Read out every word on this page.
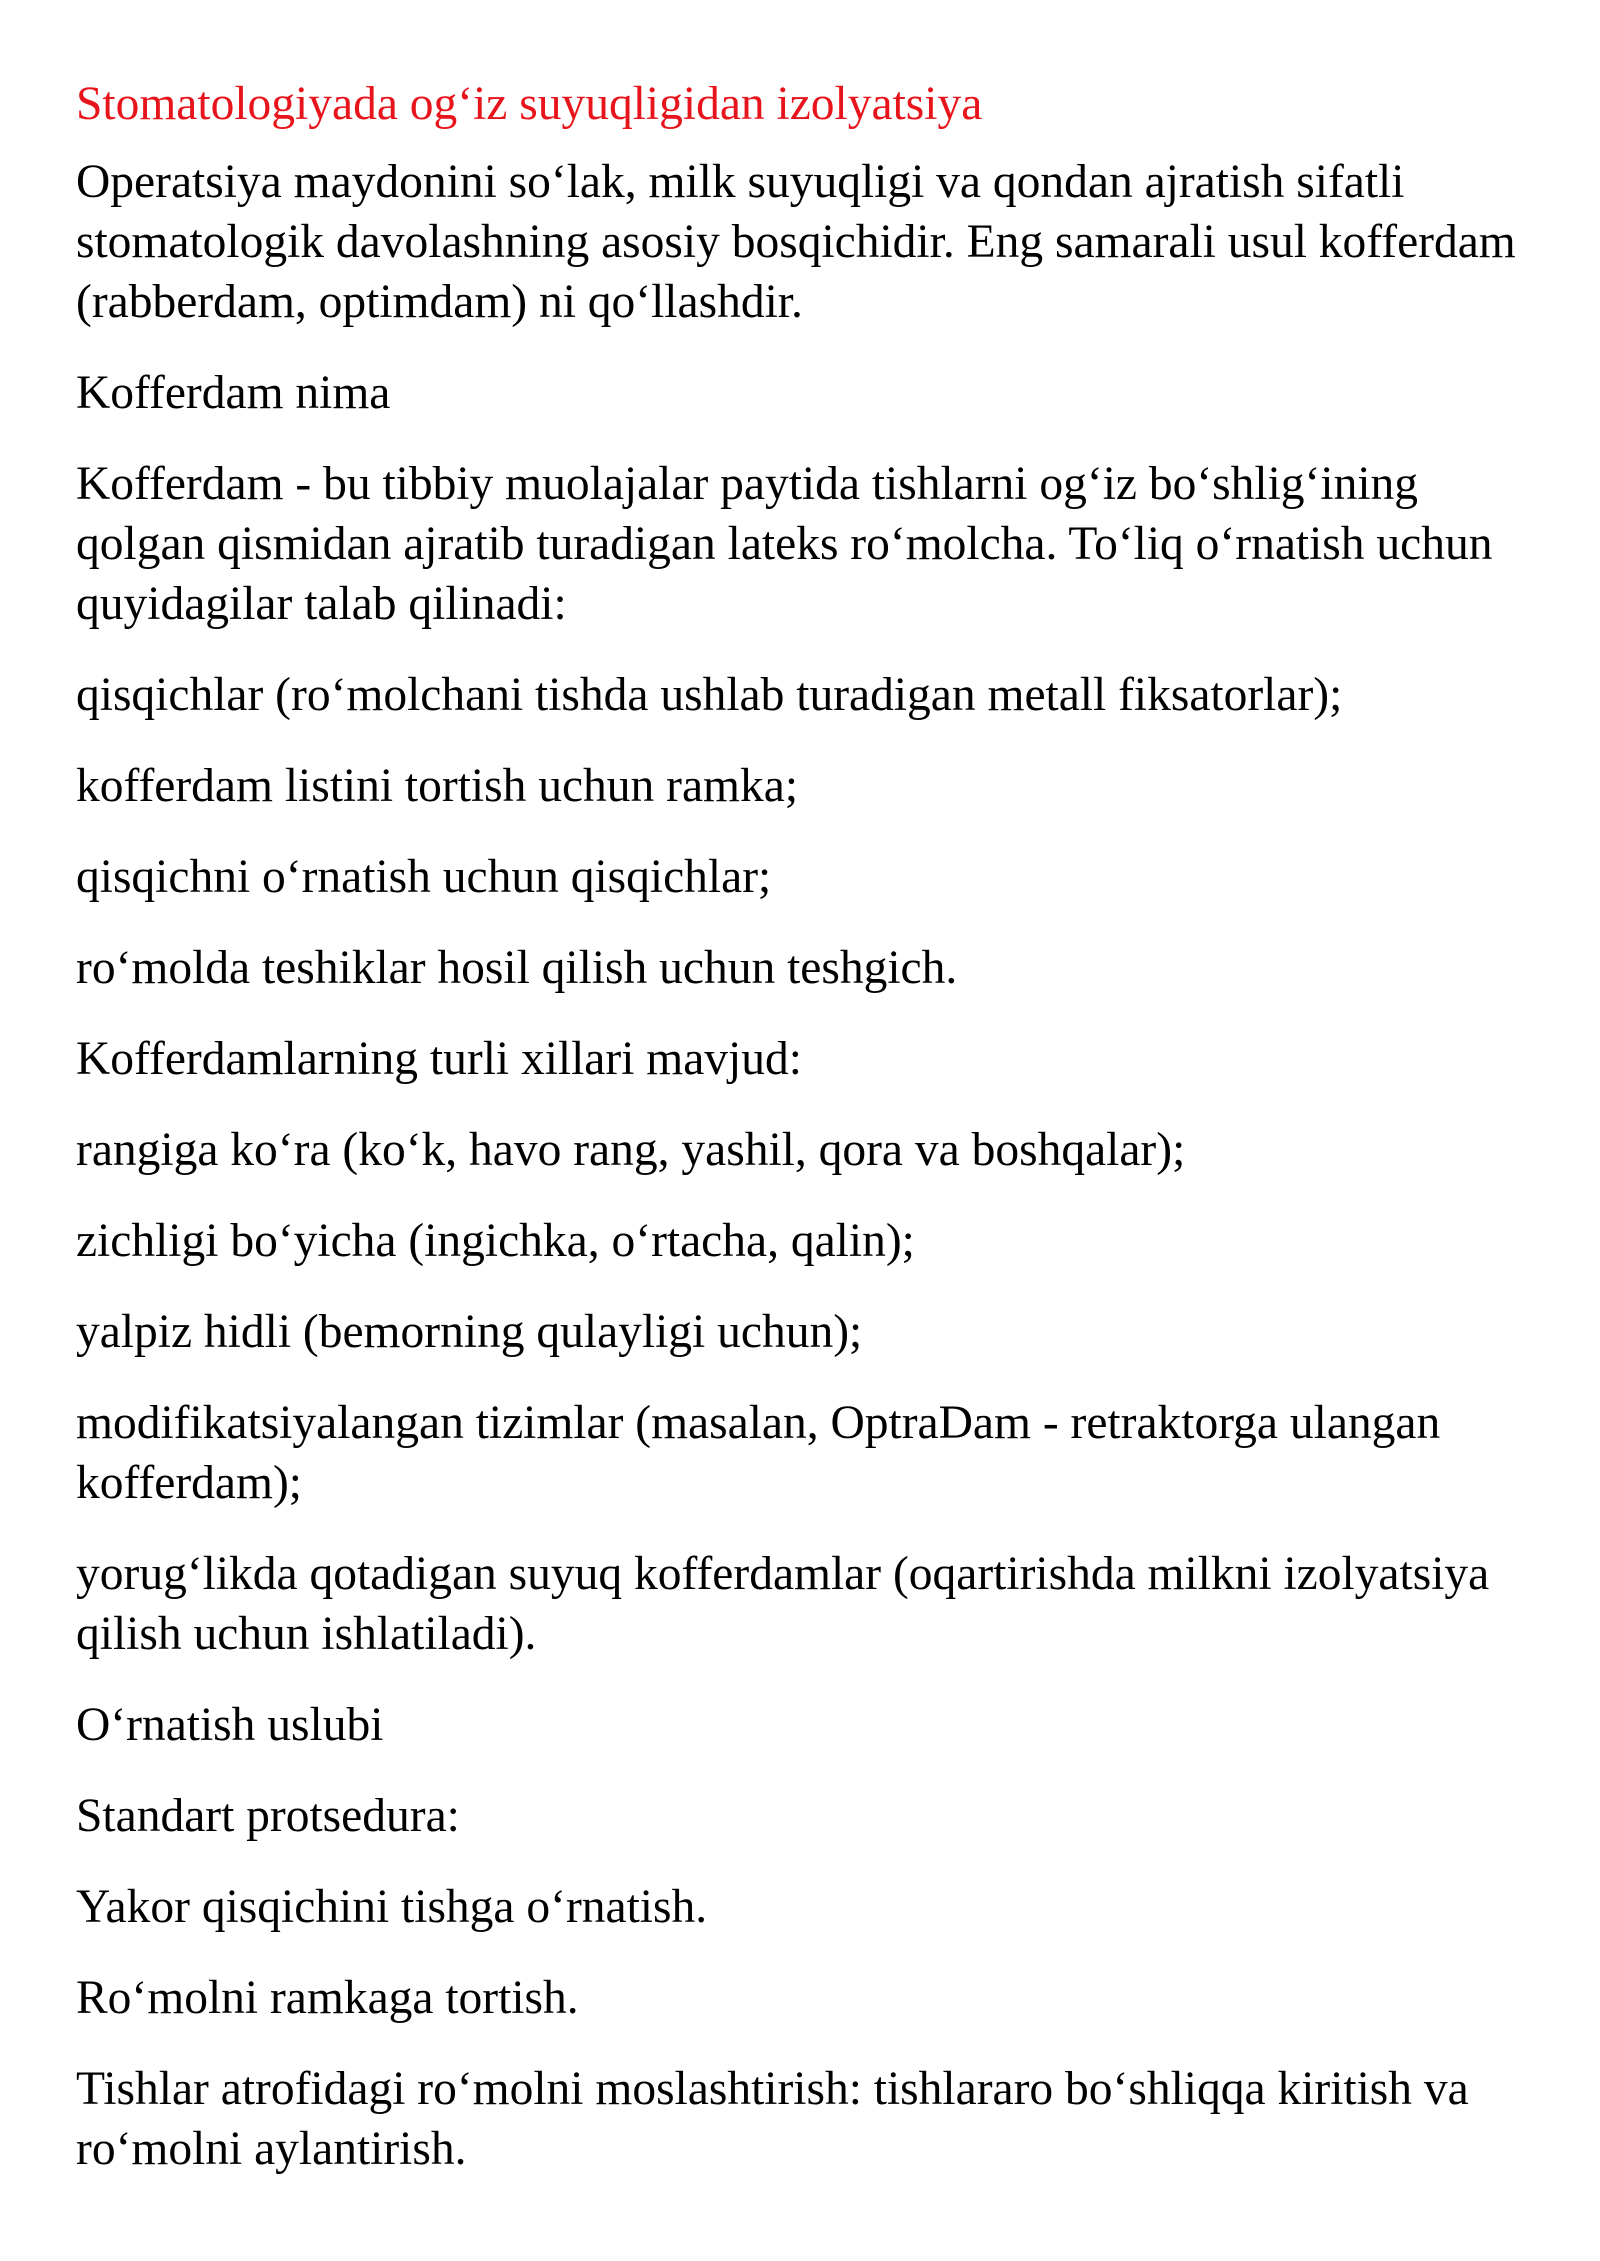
Stomatologiyada og‘iz suyuqligidan izolyatsiya

Operatsiya maydonini so‘lak, milk suyuqligi va qondan ajratish sifatli stomatologik davolashning asosiy bosqichidir. Eng samarali usul kofferdam (rabberdam, optimdam) ni qo‘llashdir.

Kofferdam nima

Kofferdam - bu tibbiy muolajalar paytida tishlarni og‘iz bo‘shlig‘ining qolgan qismidan ajratib turadigan lateks ro‘molcha. To‘liq o‘rnatish uchun quyidagilar talab qilinadi:

qisqichlar (ro‘molchani tishda ushlab turadigan metall fiksatorlar);

kofferdam listini tortish uchun ramka;

qisqichni o‘rnatish uchun qisqichlar;

ro‘molda teshiklar hosil qilish uchun teshgich.

Kofferdamlarning turli xillari mavjud:

rangiga ko‘ra (ko‘k, havo rang, yashil, qora va boshqalar);

zichligi bo‘yicha (ingichka, o‘rtacha, qalin);

yalpiz hidli (bemorning qulayligi uchun);

modifikatsiyalangan tizimlar (masalan, OptraDam - retraktorga ulangan kofferdam);

yorug‘likda qotadigan suyuq kofferdamlar (oqartirishda milkni izolyatsiya qilish uchun ishlatiladi).

O‘rnatish uslubi

Standart protsedura:

Yakor qisqichini tishga o‘rnatish.

Ro‘molni ramkaga tortish.

Tishlar atrofidagi ro‘molni moslashtirish: tishlararo bo‘shliqqa kiritish va ro‘molni aylantirish.
